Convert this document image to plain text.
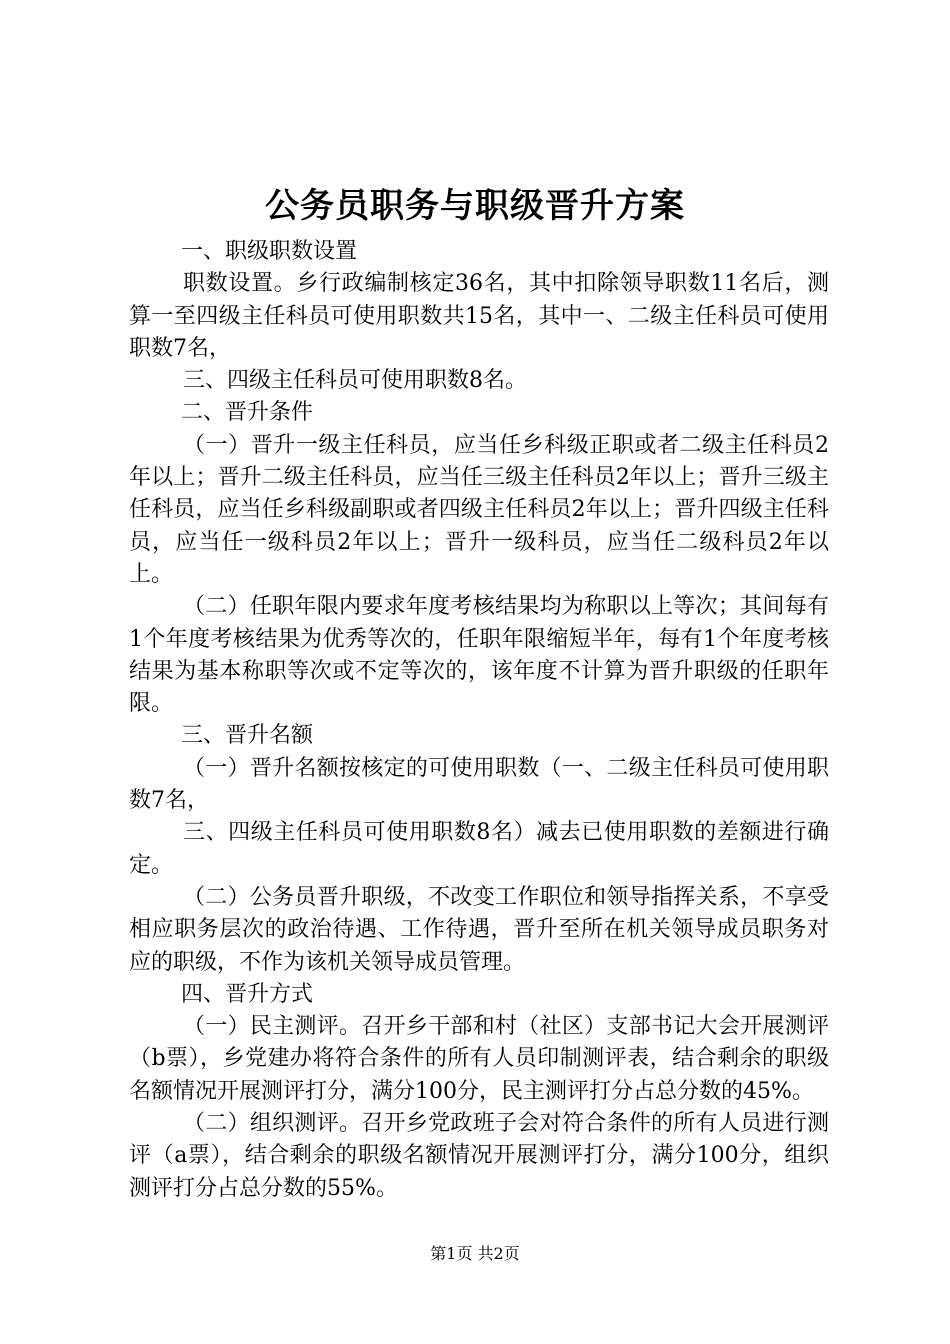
公务员职务与职级晋升方案

一、职级职数设置

职数设置。乡行政编制核定36名，其中扣除领导职数11名后，测算一至四级主任科员可使用职数共15名，其中一、二级主任科员可使用职数7名，

三、四级主任科员可使用职数8名。

二、晋升条件

（一）晋升一级主任科员，应当任乡科级正职或者二级主任科员2年以上；晋升二级主任科员，应当任三级主任科员2年以上；晋升三级主任科员，应当任乡科级副职或者四级主任科员2年以上；晋升四级主任科员，应当任一级科员2年以上；晋升一级科员，应当任二级科员2年以上。

（二）任职年限内要求年度考核结果均为称职以上等次；其间每有1个年度考核结果为优秀等次的，任职年限缩短半年，每有1个年度考核结果为基本称职等次或不定等次的，该年度不计算为晋升职级的任职年限。

三、晋升名额

（一）晋升名额按核定的可使用职数（一、二级主任科员可使用职数7名，

三、四级主任科员可使用职数8名）减去已使用职数的差额进行确定。

（二）公务员晋升职级，不改变工作职位和领导指挥关系，不享受相应职务层次的政治待遇、工作待遇，晋升至所在机关领导成员职务对应的职级，不作为该机关领导成员管理。

四、晋升方式

（一）民主测评。召开乡干部和村（社区）支部书记大会开展测评（b票），乡党建办将符合条件的所有人员印制测评表，结合剩余的职级名额情况开展测评打分，满分100分，民主测评打分占总分数的45%。

（二）组织测评。召开乡党政班子会对符合条件的所有人员进行测评（a票），结合剩余的职级名额情况开展测评打分，满分100分，组织测评打分占总分数的55%。

第1页 共2页
